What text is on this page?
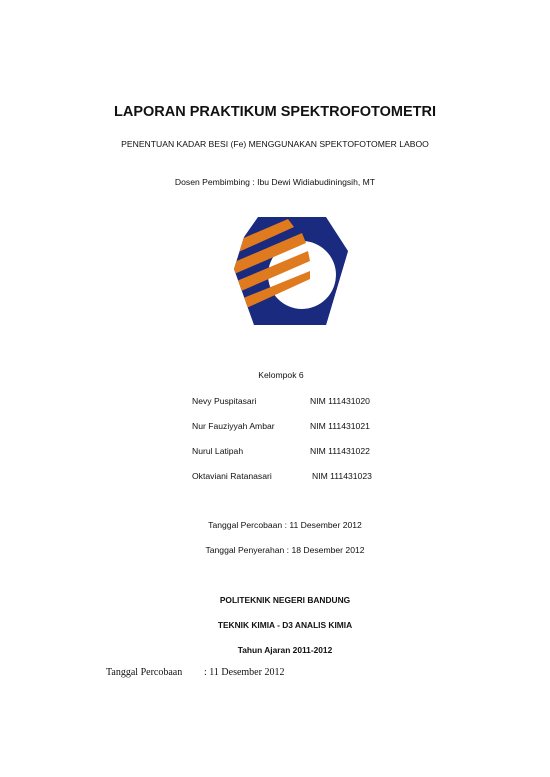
LAPORAN PRAKTIKUM SPEKTROFOTOMETRI
PENENTUAN KADAR BESI (Fe) MENGGUNAKAN SPEKTOFOTOMER LABOO
Dosen Pembimbing : Ibu Dewi Widiabudiningsih, MT
Kelompok 6
Nevy Puspitasari	NIM 111431020
Nur Fauziyyah Ambar	NIM 111431021
Nurul Latipah	NIM 111431022
Oktaviani Ratanasari	NIM 111431023
Tanggal Percobaan : 11 Desember 2012
Tanggal Penyerahan : 18 Desember 2012
POLITEKNIK NEGERI BANDUNG
TEKNIK KIMIA - D3 ANALIS KIMIA
Tahun Ajaran 2011-2012
Tanggal Percobaan : 11 Desember 2012
